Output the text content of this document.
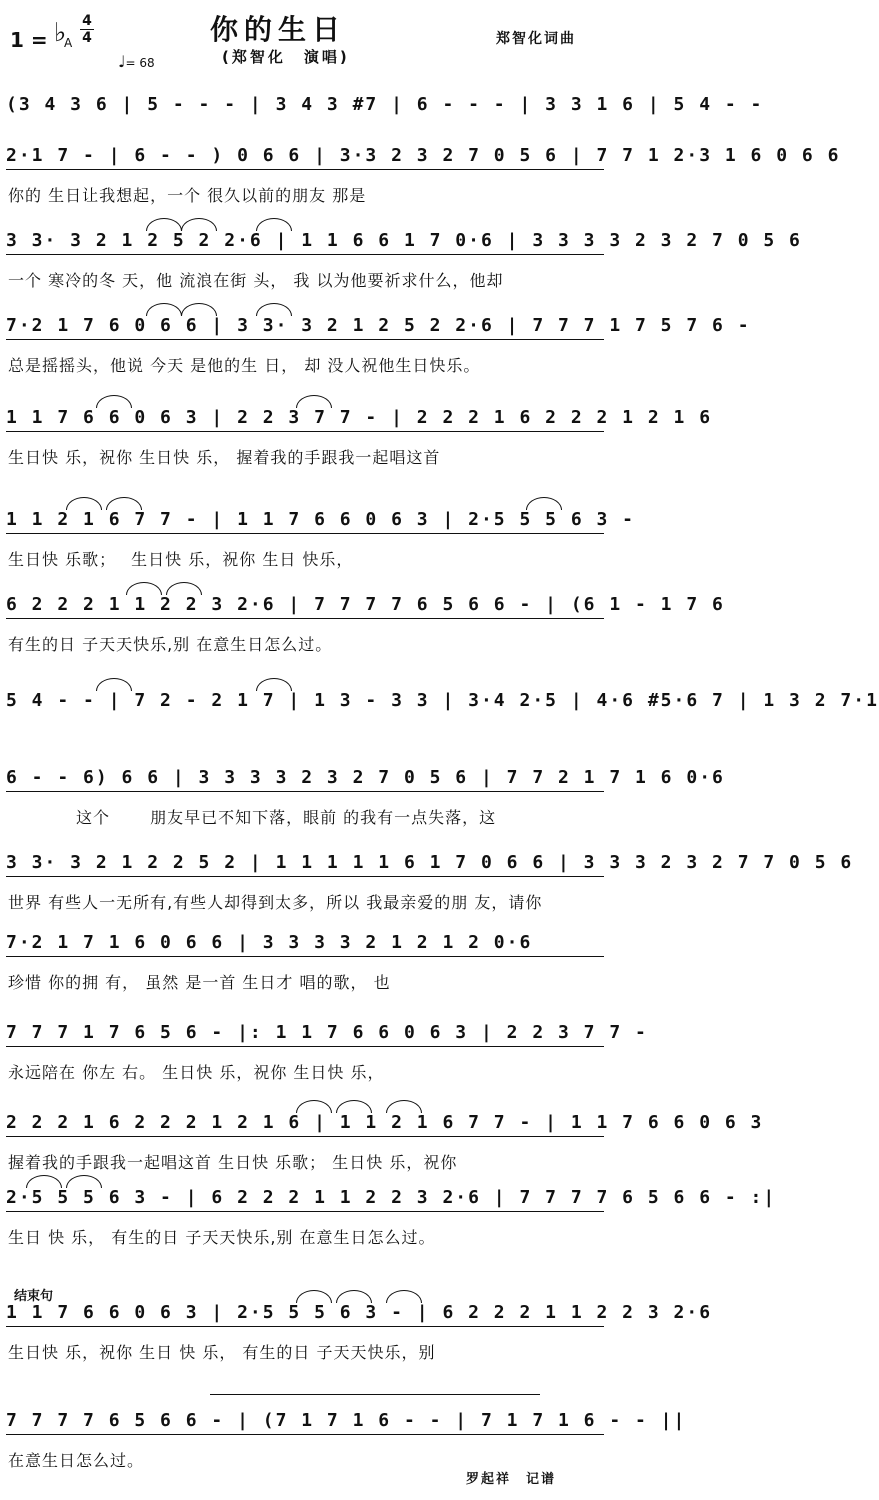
1 = ♭
A
4
4
♩= 68
你的生日
(郑智化　演唱)
郑智化词曲
(3 4 3 6 | 5 - - - | 3 4 3 #7 | 6 - - - | 3 3 1 6 | 5 4 - -
2·1 7 - | 6 - - ) 0 6 6 | 3·3 2 3 2 7 0 5 6 | 7 7 1 2·3 1 6 0 6 6
你的 生日让我想起，一个 很久以前的朋友 那是
3 3· 3 2 1 2 5 2 2·6 | 1 1 6 6 1 7 0·6 | 3 3 3 3 2 3 2 7 0 5 6
一个 寒冷的冬 天，他 流浪在街 头， 我 以为他要祈求什么，他却
7·2 1 7 6 0 6 6 | 3 3· 3 2 1 2 5 2 2·6 | 7 7 7 1 7 5 7 6 -
总是摇摇头，他说 今天 是他的生 日， 却 没人祝他生日快乐。
1 1 7 6 6 0 6 3 | 2 2 3 7 7 - | 2 2 2 1 6 2 2 2 1 2 1 6
生日快 乐，祝你 生日快 乐， 握着我的手跟我一起唱这首
1 1 2 1 6 7 7 - | 1 1 7 6 6 0 6 3 | 2·5 5 5 6 3 -
生日快 乐歌；　 生日快 乐，祝你 生日 快乐，
6 2 2 2 1 1 2 2 3 2·6 | 7 7 7 7 6 5 6 6 - | (6 1 - 1 7 6
有生的日 子天天快乐,别 在意生日怎么过。
5 4 - - | 7 2 - 2 1 7 | 1 3 - 3 3 | 3·4 2·5 | 4·6 #5·6 7 | 1 3 2 7·1
6 - - 6) 6 6 | 3 3 3 3 2 3 2 7 0 5 6 | 7 7 2 1 7 1 6 0·6
　　　　这个 　　朋友早已不知下落，眼前 的我有一点失落，这
3 3· 3 2 1 2 2 5 2 | 1 1 1 1 1 6 1 7 0 6 6 | 3 3 3 2 3 2 7 7 0 5 6
世界 有些人一无所有,有些人却得到太多，所以 我最亲爱的朋 友，请你
7·2 1 7 1 6 0 6 6 | 3 3 3 3 2 1 2 1 2 0·6
珍惜 你的拥 有， 虽然 是一首 生日才 唱的歌， 也
7 7 7 1 7 6 5 6 - |: 1 1 7 6 6 0 6 3 | 2 2 3 7 7 -
永远陪在 你左 右。 生日快 乐，祝你 生日快 乐，
2 2 2 1 6 2 2 2 1 2 1 6 | 1 1 2 1 6 7 7 - | 1 1 7 6 6 0 6 3
握着我的手跟我一起唱这首 生日快 乐歌； 生日快 乐，祝你
2·5 5 5 6 3 - | 6 2 2 2 1 1 2 2 3 2·6 | 7 7 7 7 6 5 6 6 - :|
生日 快 乐， 有生的日 子天天快乐,别 在意生日怎么过。
1 1 7 6 6 0 6 3 | 2·5 5 5 6 3 - | 6 2 2 2 1 1 2 2 3 2·6
生日快 乐，祝你 生日 快 乐， 有生的日 子天天快乐，别
7 7 7 7 6 5 6 6 - | (7 1 7 1 6 - - | 7 1 7 1 6 - - ||
在意生日怎么过。
结束句
罗起祥　记谱
